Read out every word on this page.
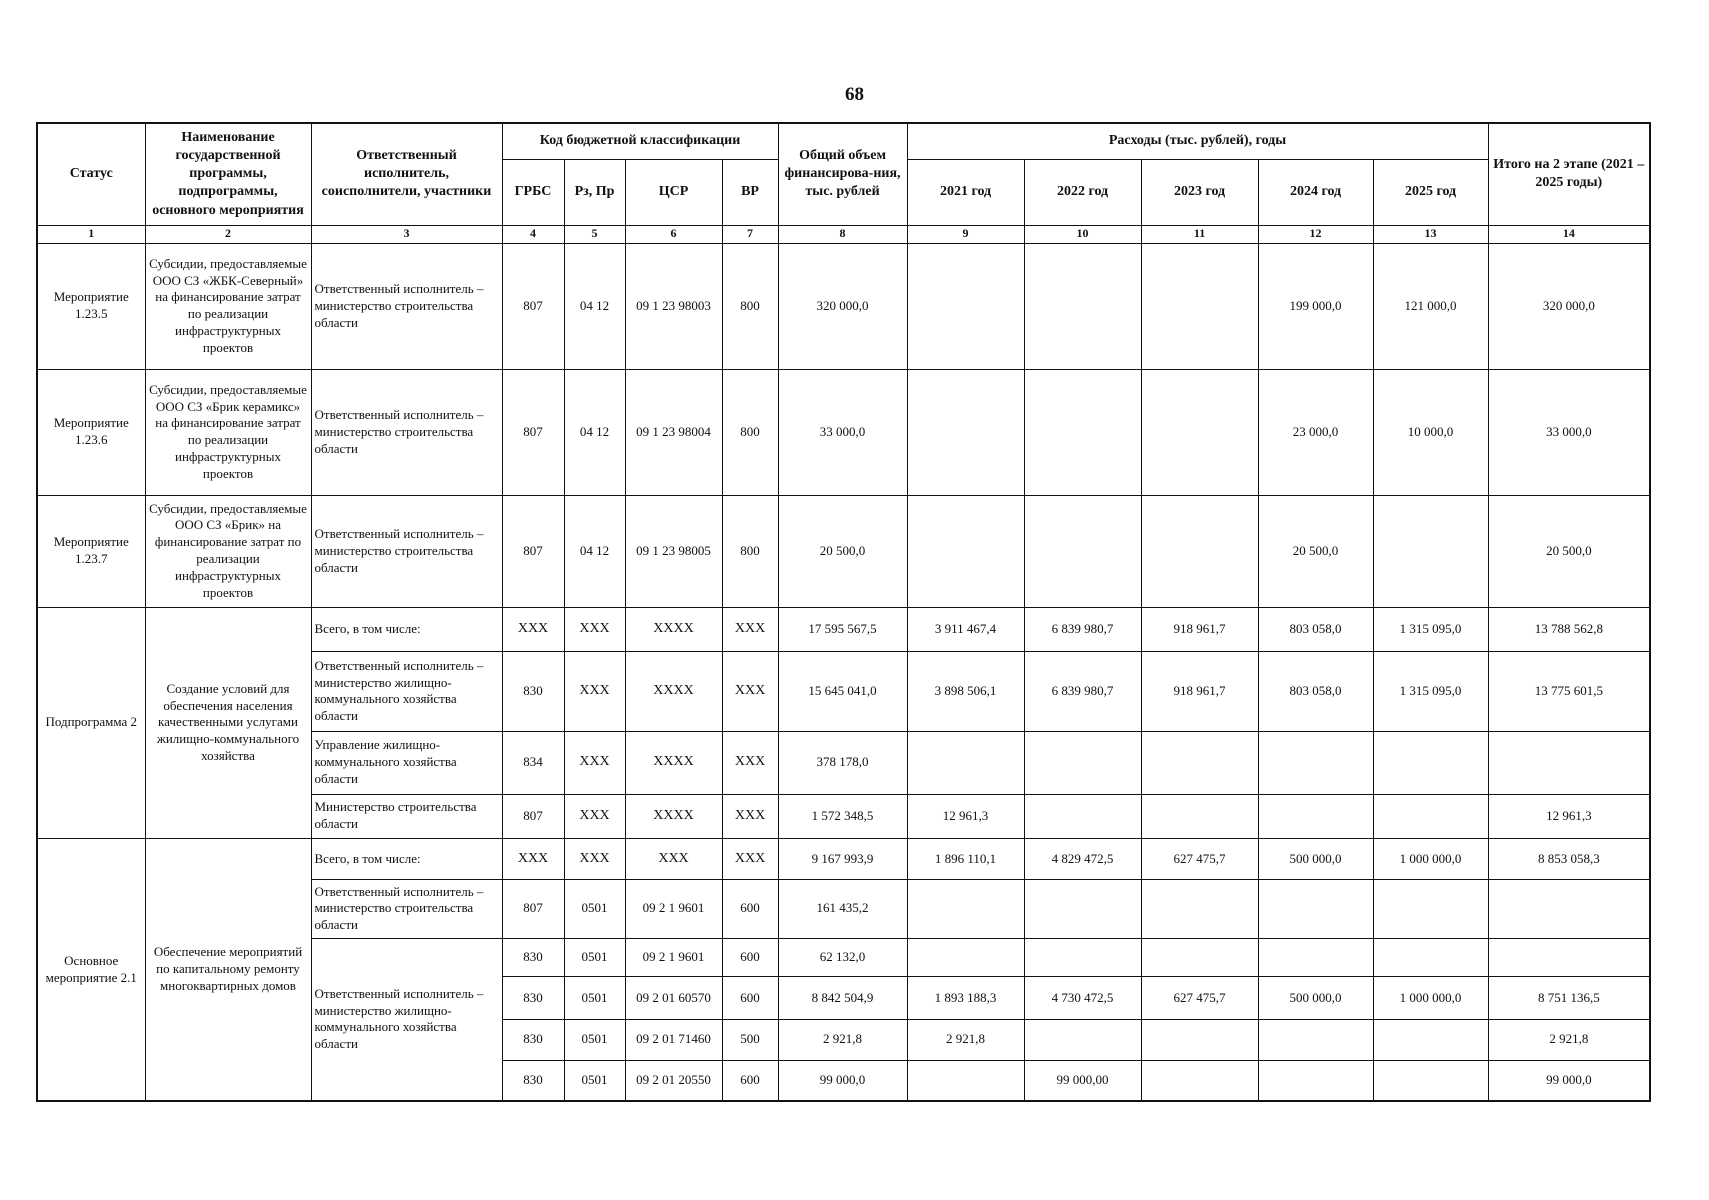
68
Статус	Наименование государственной программы, подпрограммы, основного мероприятия	Ответственный исполнитель, соисполнители, участники	Код бюджетной классификации				Общий объем финансирова-ния, тыс. рублей	Расходы (тыс. рублей), годы					Итого на 2 этапе (2021 – 2025 годы)
			ГРБС	Рз, Пр	ЦСР	ВР		2021 год	2022 год	2023 год	2024 год	2025 год	
1	2	3	4	5	6	7	8	9	10	11	12	13	14
Мероприятие 1.23.5	Субсидии, предоставляемые ООО СЗ «ЖБК-Северный» на финансирование затрат по реализации инфраструктурных проектов	Ответственный исполнитель – министерство строительства области	807	04 12	09 1 23 98003	800	320 000,0				199 000,0	121 000,0	320 000,0
Мероприятие 1.23.6	Субсидии, предоставляемые ООО СЗ «Брик керамикс» на финансирование затрат по реализации инфраструктурных проектов	Ответственный исполнитель – министерство строительства области	807	04 12	09 1 23 98004	800	33 000,0				23 000,0	10 000,0	33 000,0
Мероприятие 1.23.7	Субсидии, предоставляемые ООО СЗ «Брик» на финансирование затрат по реализации инфраструктурных проектов	Ответственный исполнитель – министерство строительства области	807	04 12	09 1 23 98005	800	20 500,0				20 500,0		20 500,0
Подпрограмма 2	Создание условий для обеспечения населения качественными услугами жилищно-коммунального хозяйства	Всего, в том числе:	ХХХ	ХХХ	ХХХХ	ХХХ	17 595 567,5	3 911 467,4	6 839 980,7	918 961,7	803 058,0	1 315 095,0	13 788 562,8
		Ответственный исполнитель – министерство жилищно-коммунального хозяйства области	830	ХХХ	ХХХХ	ХХХ	15 645 041,0	3 898 506,1	6 839 980,7	918 961,7	803 058,0	1 315 095,0	13 775 601,5
		Управление жилищно-коммунального хозяйства области	834	ХХХ	ХХХХ	ХХХ	378 178,0						
		Министерство строительства области	807	ХХХ	ХХХХ	ХХХ	1 572 348,5	12 961,3					12 961,3
Основное мероприятие 2.1	Обеспечение мероприятий по капитальному ремонту многоквартирных домов	Всего, в том числе:	ХХХ	ХХХ	ХХХ	ХХХ	9 167 993,9	1 896 110,1	4 829 472,5	627 475,7	500 000,0	1 000 000,0	8 853 058,3
		Ответственный исполнитель – министерство строительства области	807	0501	09 2 1 9601	600	161 435,2						
		Ответственный исполнитель – министерство жилищно-коммунального хозяйства области	830	0501	09 2 1 9601	600	62 132,0						
			830	0501	09 2 01 60570	600	8 842 504,9	1 893 188,3	4 730 472,5	627 475,7	500 000,0	1 000 000,0	8 751 136,5
			830	0501	09 2 01 71460	500	2 921,8	2 921,8					2 921,8
			830	0501	09 2 01 20550	600	99 000,0		99 000,00				99 000,0
